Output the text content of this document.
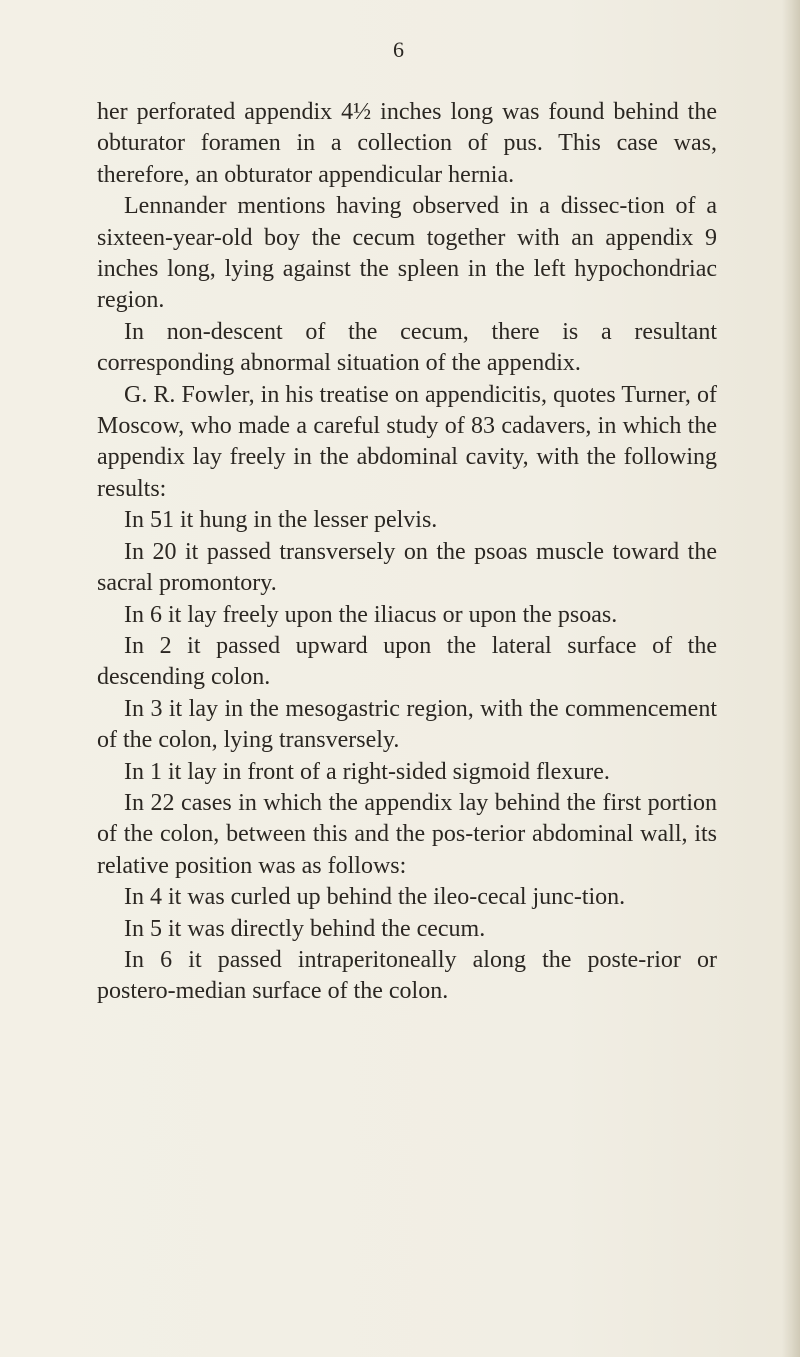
6

her perforated appendix 4½ inches long was found behind the obturator foramen in a collection of pus. This case was, therefore, an obturator appendicular hernia.

Lennander mentions having observed in a dissec-tion of a sixteen-year-old boy the cecum together with an appendix 9 inches long, lying against the spleen in the left hypochondriac region.

In non-descent of the cecum, there is a resultant corresponding abnormal situation of the appendix.

G. R. Fowler, in his treatise on appendicitis, quotes Turner, of Moscow, who made a careful study of 83 cadavers, in which the appendix lay freely in the abdominal cavity, with the following results:

In 51 it hung in the lesser pelvis.

In 20 it passed transversely on the psoas muscle toward the sacral promontory.

In 6 it lay freely upon the iliacus or upon the psoas.

In 2 it passed upward upon the lateral surface of the descending colon.

In 3 it lay in the mesogastric region, with the commencement of the colon, lying transversely.

In 1 it lay in front of a right-sided sigmoid flexure.

In 22 cases in which the appendix lay behind the first portion of the colon, between this and the pos-terior abdominal wall, its relative position was as follows:

In 4 it was curled up behind the ileo-cecal junc-tion.

In 5 it was directly behind the cecum.

In 6 it passed intraperitoneally along the poste-rior or postero-median surface of the colon.
